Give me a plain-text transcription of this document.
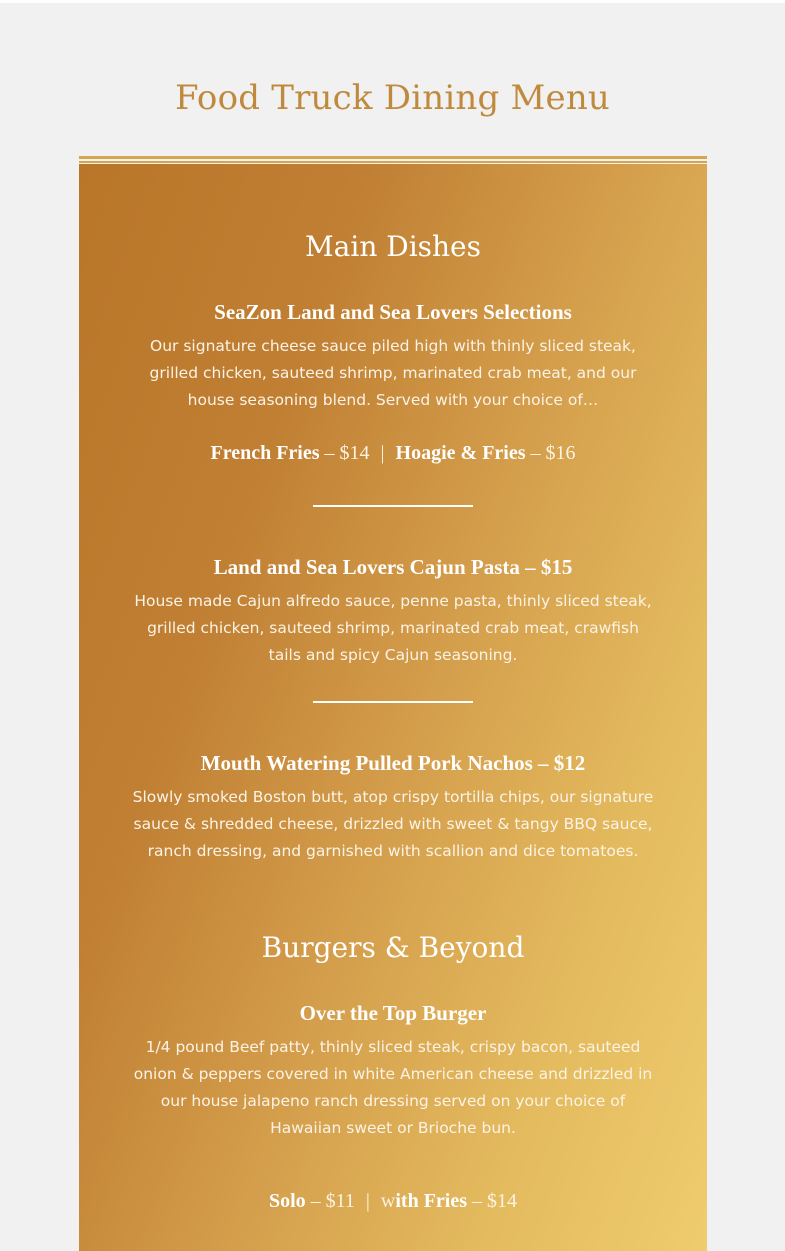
Food Truck Dining Menu
Main Dishes
SeaZon Land and Sea Lovers Selections

Our signature cheese sauce piled high with thinly sliced steak, grilled chicken, sauteed shrimp, marinated crab meat, and our house seasoning blend. Served with your choice of…

French Fries – $14 | Hoagie & Fries – $16
Land and Sea Lovers Cajun Pasta – $15

House made Cajun alfredo sauce, penne pasta, thinly sliced steak, grilled chicken, sauteed shrimp, marinated crab meat, crawfish tails and spicy Cajun seasoning.

Mouth Watering Pulled Pork Nachos – $12

Slowly smoked Boston butt, atop crispy tortilla chips, our signature sauce & shredded cheese, drizzled with sweet & tangy BBQ sauce, ranch dressing, and garnished with scallion and dice tomatoes.

Burgers & Beyond
Over the Top Burger

1/4 pound Beef patty, thinly sliced steak, crispy bacon, sauteed onion & peppers covered in white American cheese and drizzled in our house jalapeno ranch dressing served on your choice of Hawaiian sweet or Brioche bun.

Solo – $11 | with Fries – $14
